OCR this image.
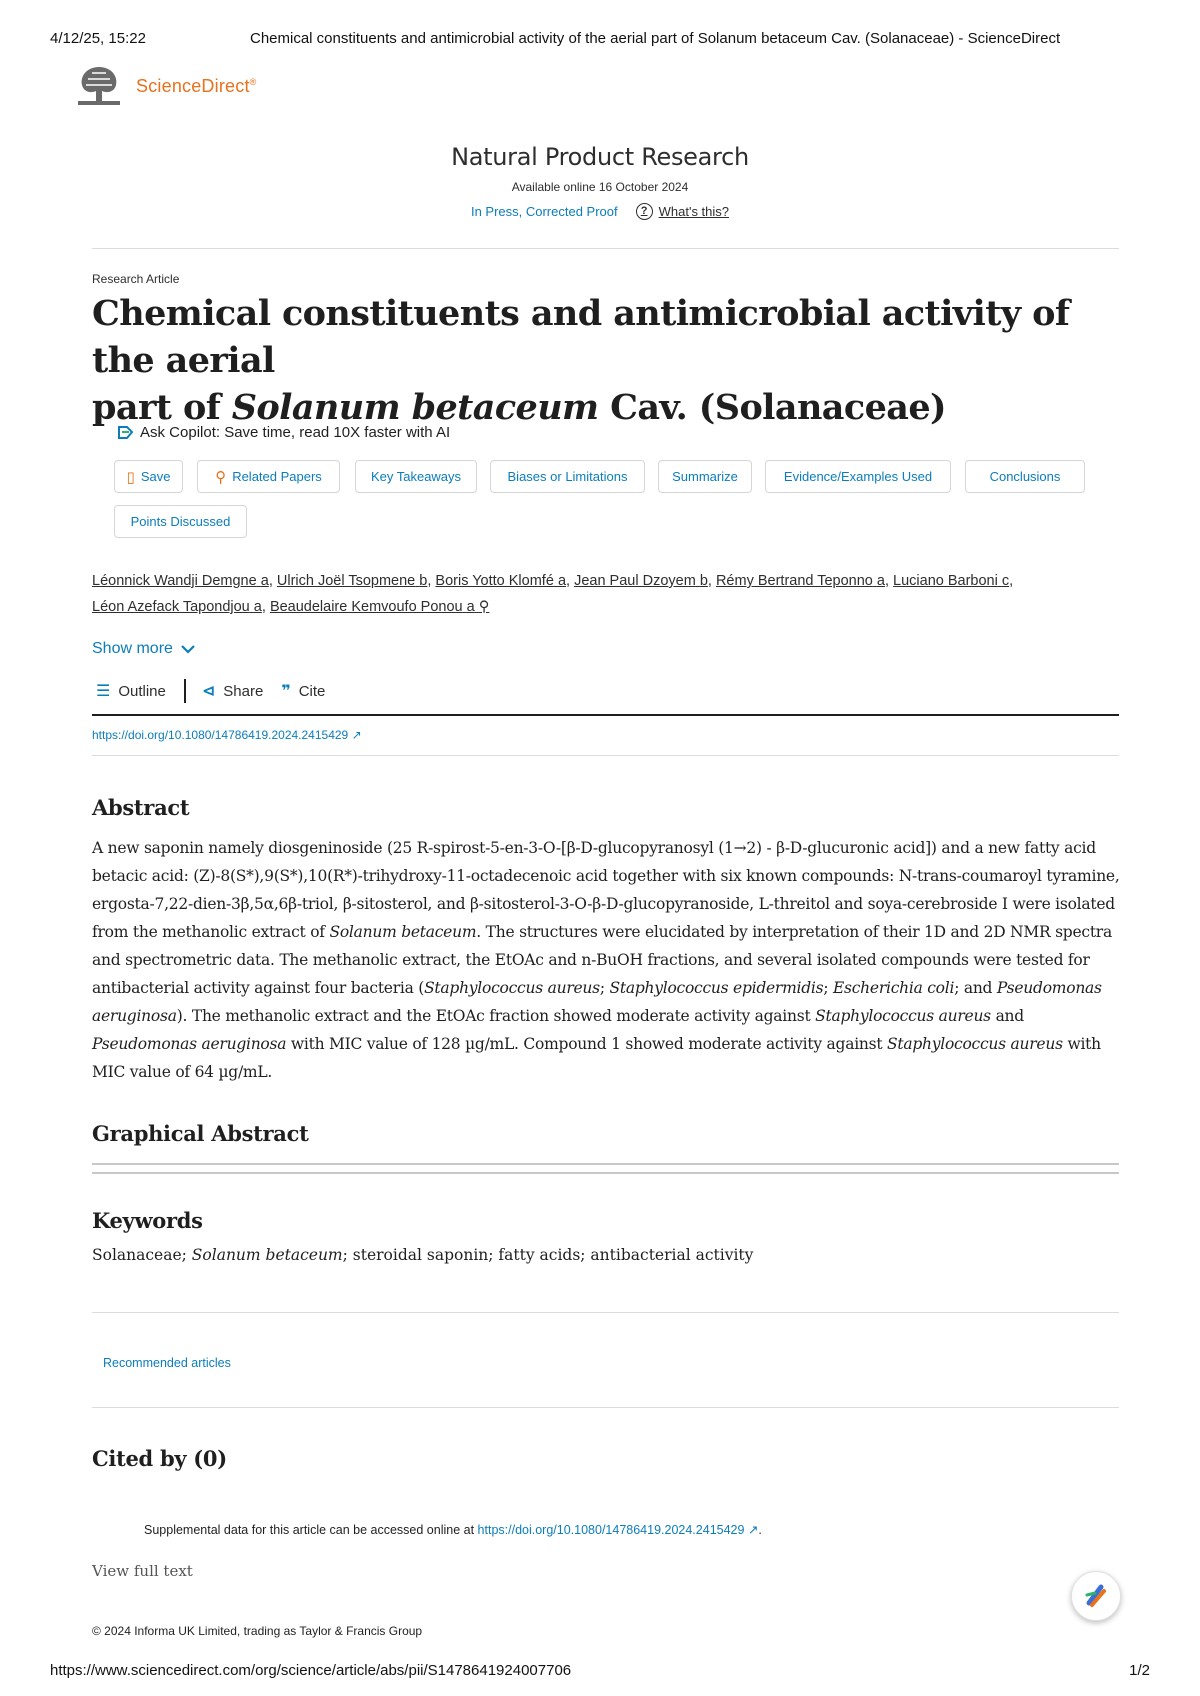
4/12/25, 15:22	Chemical constituents and antimicrobial activity of the aerial part of Solanum betaceum Cav. (Solanaceae) - ScienceDirect
ScienceDirect®
Natural Product Research
Available online 16 October 2024
In Press, Corrected Proof	? What's this?
Research Article
Chemical constituents and antimicrobial activity of the aerial
part of Solanum betaceum Cav. (Solanaceae)
Ask Copilot: Save time, read 10X faster with AI
▯ Save	⚲ Related Papers	Key Takeaways	Biases or Limitations	Summarize	Evidence/Examples Used	Conclusions
Points Discussed
Léonnick Wandji Demgne a, Ulrich Joël Tsopmene b, Boris Yotto Klomfé a, Jean Paul Dzoyem b, Rémy Bertrand Teponno a, Luciano Barboni c,
Léon Azefack Tapondjou a, Beaudelaire Kemvoufo Ponou a ⚲
Show more
☰ Outline ⊲ Share ❞ Cite
https://doi.org/10.1080/14786419.2024.2415429 ↗
Abstract
A new saponin namely diosgeninoside (25 R-spirost-5-en-3-O-[β-D-glucopyranosyl (1→2) - β-D-glucuronic acid]) and a new fatty acid betacic acid: (Z)-8(S*),9(S*),10(R*)-trihydroxy-11-octadecenoic acid together with six known compounds: N-trans-coumaroyl tyramine, ergosta-7,22-dien-3β,5α,6β-triol, β-sitosterol, and β-sitosterol-3-O-β-D-glucopyranoside, L-threitol and soya-cerebroside I were isolated from the methanolic extract of Solanum betaceum. The structures were elucidated by interpretation of their 1D and 2D NMR spectra and spectrometric data. The methanolic extract, the EtOAc and n-BuOH fractions, and several isolated compounds were tested for antibacterial activity against four bacteria (Staphylococcus aureus; Staphylococcus epidermidis; Escherichia coli; and Pseudomonas aeruginosa). The methanolic extract and the EtOAc fraction showed moderate activity against Staphylococcus aureus and Pseudomonas aeruginosa with MIC value of 128 µg/mL. Compound 1 showed moderate activity against Staphylococcus aureus with MIC value of 64 µg/mL.
Graphical Abstract
Keywords
Solanaceae; Solanum betaceum; steroidal saponin; fatty acids; antibacterial activity
Recommended articles
Cited by (0)
Supplemental data for this article can be accessed online at https://doi.org/10.1080/14786419.2024.2415429 ↗.
View full text
© 2024 Informa UK Limited, trading as Taylor & Francis Group
https://www.sciencedirect.com/org/science/article/abs/pii/S1478641924007706	1/2
